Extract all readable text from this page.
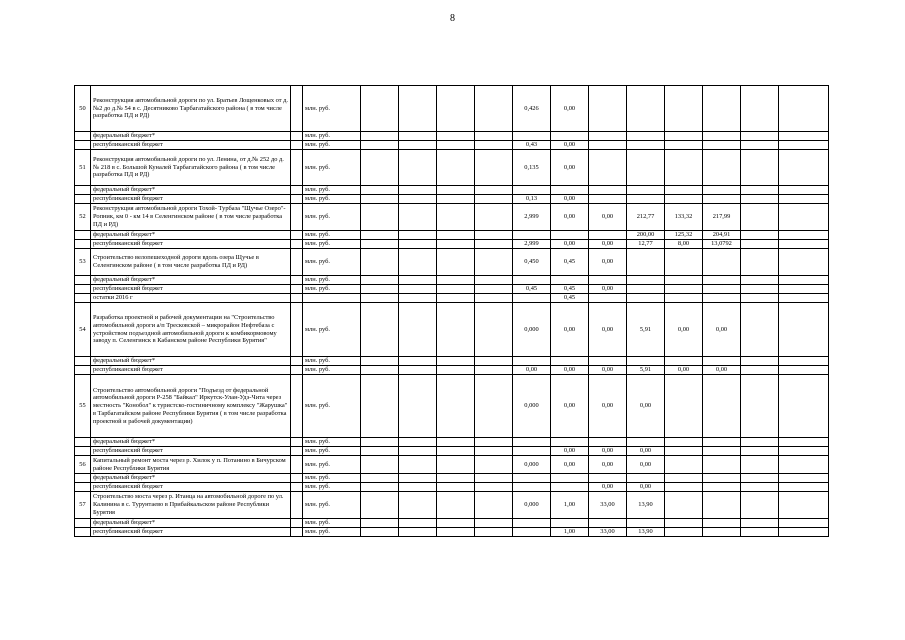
8
50	Реконструкция автомобильной дороги по ул. Братьев Лощенковых от д.№2 до д.№ 54 в с. Десятниково Тарбагатайского района ( в том числе разработка ПД и РД)		млн. руб.					0,426	0,00						
	федеральный бюджет*		млн. руб.												
	республиканский бюджет		млн. руб.					0,43	0,00						
51	Реконструкция автомобильной дороги по ул. Ленина, от д.№ 252 до д. № 218 в с. Большой Куналей Тарбагатайского района ( в том числе разработка ПД и РД)		млн. руб.					0,135	0,00						
	федеральный бюджет*		млн. руб.												
	республиканский бюджет		млн. руб.					0,13	0,00						
52	Реконструкция автомобильной дороги Тохой- Турбаза "Щучье Озеро"- Ропник, км 0 - км 14 в Селенгинском районе ( в том числе разработка ПД и РД)		млн. руб.					2,999	0,00	0,00	212,77	133,32	217,99		
	федеральный бюджет*		млн. руб.								200,00	125,32	204,91		
	республиканский бюджет		млн. руб.					2,999	0,00	0,00	12,77	8,00	13,0792		
53	Строительство велопешеходной дороги вдоль озера Щучье в Селенгинском районе ( в том числе разработка ПД и РД)		млн. руб.					0,450	0,45	0,00					
	федеральный бюджет*		млн. руб.												
	республиканский бюджет		млн. руб.					0,45	0,45	0,00					
	остатки 2016 г								0,45						
54	Разработка проектной и рабочей документации на "Строительство автомобильной дороги а/п Тресковской – микрорайон Нефтебаза с устройством подъездной автомобильной дороги к комбикормовому заводу п. Селенгинск в Кабанском районе Республики Бурятия"		млн. руб.					0,000	0,00	0,00	5,91	0,00	0,00		
	федеральный бюджет*		млн. руб.												
	республиканский бюджет		млн. руб.					0,00	0,00	0,00	5,91	0,00	0,00		
55	Строительство автомобильной дороги "Подъезд от федеральной автомобильной дороги Р-258 "Байкал" Иркутск-Улан-Удэ-Чита через местность "Конобол" к туристско-гостиничному комплексу "Жарушка" в Тарбагатайском районе Республики Бурятия ( в том числе разработка проектной и рабочей документации)		млн. руб.					0,000	0,00	0,00	0,00				
	федеральный бюджет*		млн. руб.												
	республиканский бюджет		млн. руб.						0,00	0,00	0,00				
56	Капитальный ремонт моста через р. Хилок у п. Потанино в Бичурском районе Республики Бурятия		млн. руб.					0,000	0,00	0,00	0,00				
	федеральный бюджет*		млн. руб.												
	республиканский бюджет		млн. руб.							0,00	0,00				
57	Строительство моста через р. Итанца на автомобильной дороге по ул. Калинина в с. Турунтаево в Прибайкальском районе Республики Бурятия		млн. руб.					0,000	1,00	33,00	13,90				
	федеральный бюджет*		млн. руб.												
	республиканский бюджет		млн. руб.						1,00	33,00	13,90				
